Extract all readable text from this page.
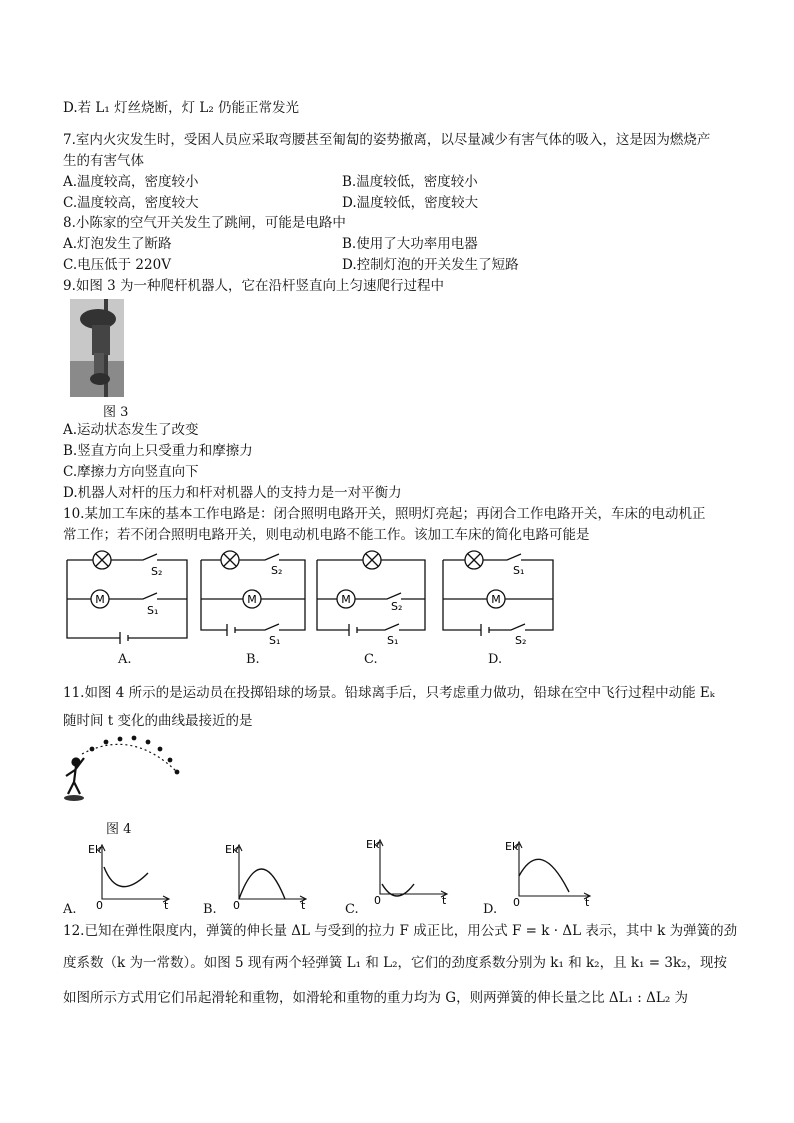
D.若 L₁ 灯丝烧断，灯 L₂ 仍能正常发光
7.室内火灾发生时，受困人员应采取弯腰甚至匍匐的姿势撤离，以尽量减少有害气体的吸入，这是因为燃烧产
生的有害气体
A.温度较高，密度较小	B.温度较低，密度较小
C.温度较高，密度较大	D.温度较低，密度较大
8.小陈家的空气开关发生了跳闸，可能是电路中
A.灯泡发生了断路	B.使用了大功率用电器
C.电压低于 220V	D.控制灯泡的开关发生了短路
9.如图 3 为一种爬杆机器人，它在沿杆竖直向上匀速爬行过程中
图 3
A.运动状态发生了改变
B.竖直方向上只受重力和摩擦力
C.摩擦力方向竖直向下
D.机器人对杆的压力和杆对机器人的支持力是一对平衡力
10.某加工车床的基本工作电路是：闭合照明电路开关，照明灯亮起；再闭合工作电路开关，车床的电动机正
常工作；若不闭合照明电路开关，则电动机电路不能工作。该加工车床的简化电路可能是
M
S₂
S₁
A.
M
S₂
S₁
B.
M
S₂
S₁
C.
M
S₁
S₂
D.
11.如图 4 所示的是运动员在投掷铅球的场景。铅球离手后，只考虑重力做功，铅球在空中飞行过程中动能 Eₖ
随时间 t 变化的曲线最接近的是
图 4
Ek
0	t
A.
Ek
0	t
B.
Ek
0	t
C.
Ek
0	t
D.
12.已知在弹性限度内，弹簧的伸长量 ΔL 与受到的拉力 F 成正比，用公式 F = k · ΔL 表示，其中 k 为弹簧的劲
度系数（k 为一常数）。如图 5 现有两个轻弹簧 L₁ 和 L₂，它们的劲度系数分别为 k₁ 和 k₂，且 k₁ = 3k₂，现按
如图所示方式用它们吊起滑轮和重物，如滑轮和重物的重力均为 G，则两弹簧的伸长量之比 ΔL₁ : ΔL₂ 为
